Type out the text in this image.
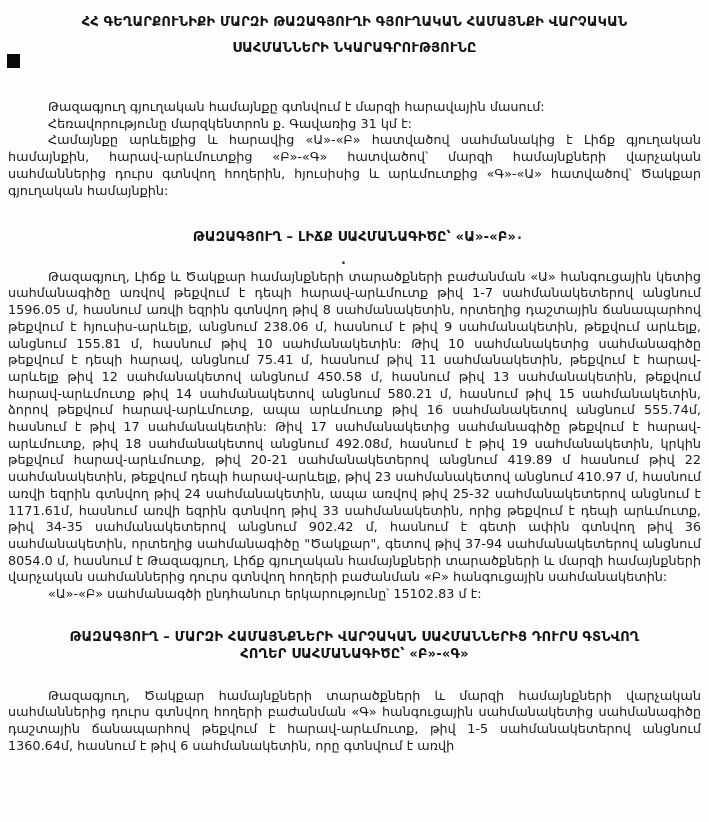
ՀՀ ԳԵՂԱՐՔՈՒՆԻՔԻ ՄԱՐԶԻ ԹԱԶԱԳՅՈՒՂԻ ԳՅՈՒՂԱԿԱՆ ՀԱՄԱՅՆՔԻ ՎԱՐՉԱԿԱՆ
ՍԱՀՄԱՆՆԵՐԻ ՆԿԱՐԱԳՐՈՒԹՅՈՒՆԸ

Թազագյուղ գյուղական համայնքը գտնվում է մարզի հարավային մասում:

Հեռավորությունը մարզկենտրոն ք. Գավառից 31 կմ է:

Համայնքը արևելքից և հարավից «Ա»-«Բ» հատվածով սահմանակից է Լիճք գյուղական համայնքին, հարավ-արևմուտքից «Բ»-«Գ» հատվածով՝ մարզի համայնքների վարչական սահմաններից դուրս գտնվող հողերին, հյուսիսից և արևմուտքից «Գ»-«Ա» հատվածով՝ Ծակքար գյուղական համայնքին:

ԹԱԶԱԳՅՈՒՂ – ԼԻՃՔ ՍԱՀՄԱՆԱԳԻԾԸ՝ «Ա»-«Բ» .
.

Թազագյուղ, Լիճք և Ծակքար համայնքների տարածքների բաժանման «Ա» հանգուցային կետից սահմանագիծը առվով թեքվում է դեպի հարավ-արևմուտք թիվ 1-7 սահմանակետերով անցնում 1596.05 մ, հասնում առվի եզրին գտնվող թիվ 8 սահմանակետին, որտեղից դաշտային ճանապարհով թեքվում է հյուսիս-արևելք, անցնում 238.06 մ, հասնում է թիվ 9 սահմանակետին, թեքվում արևելք, անցնում 155.81 մ, հասնում թիվ 10 սահմանակետին: Թիվ 10 սահմանակետից սահմանագիծը թեքվում է դեպի հարավ, անցնում 75.41 մ, հասնում թիվ 11 սահմանակետին, թեքվում է հարավ-արևելք թիվ 12 սահմանակետով անցնում 450.58 մ, հասնում թիվ 13 սահմանակետին, թեքվում հարավ-արևմուտք թիվ 14 սահմանակետով անցնում 580.21 մ, հասնում թիվ 15 սահմանակետին, ձորով թեքվում հարավ-արևմուտք, ապա արևմուտք թիվ 16 սահմանակետով անցնում 555.74մ, հասնում է թիվ 17 սահմանակետին: Թիվ 17 սահմանակետից սահմանագիծը թեքվում է հարավ-արևմուտք, թիվ 18 սահմանակետով անցնում 492.08մ, հասնում է թիվ 19 սահմանակետին, կրկին թեքվում հարավ-արևմուտք, թիվ 20-21 սահմանակետերով անցնում 419.89 մ հասնում թիվ 22 սահմանակետին, թեքվում դեպի հարավ-արևելք, թիվ 23 սահմանակետով անցնում 410.97 մ, հասնում առվի եզրին գտնվող թիվ 24 սահմանակետին, ապա առվով թիվ 25-32 սահմանակետերով անցնում է 1171.61մ, հասնում առվի եզրին գտնվող թիվ 33 սահմանակետին, որից թեքվում է դեպի արևմուտք, թիվ 34-35 սահմանակետերով անցնում 902.42 մ, հասնում է գետի ափին գտնվող թիվ 36 սահմանակետին, որտեղից սահմանագիծը "Ծակքար", գետով թիվ 37-94 սահմանակետերով անցնում 8054.0 մ, հասնում է Թազագյուղ, Լիճք գյուղական համայնքների տարածքների և մարզի համայնքների վարչական սահմաններից դուրս գտնվող հողերի բաժանման «Բ» հանգուցային սահմանակետին:

«Ա»-«Բ» սահմանագծի ընդհանուր երկարությունը՝ 15102.83 մ է:

ԹԱԶԱԳՅՈՒՂ – ՄԱՐԶԻ ՀԱՄԱՅՆՔՆԵՐԻ ՎԱՐՉԱԿԱՆ ՍԱՀՄԱՆՆԵՐԻՑ ԴՈՒՐՍ ԳՏՆՎՈՂ
ՀՈՂԵՐ ՍԱՀՄԱՆԱԳԻԾԸ՝ «Բ»-«Գ»

Թազագյուղ, Ծակքար համայնքների տարածքների և մարզի համայնքների վարչական սահմաններից դուրս գտնվող հողերի բաժանման «Գ» հանգուցային սահմանակետից սահմանագիծը դաշտային ճանապարհով թեքվում է հարավ-արևմուտք, թիվ 1-5 սահմանակետերով անցնում 1360.64մ, հասնում է թիվ 6 սահմանակետին, որը գտնվում է առվի
